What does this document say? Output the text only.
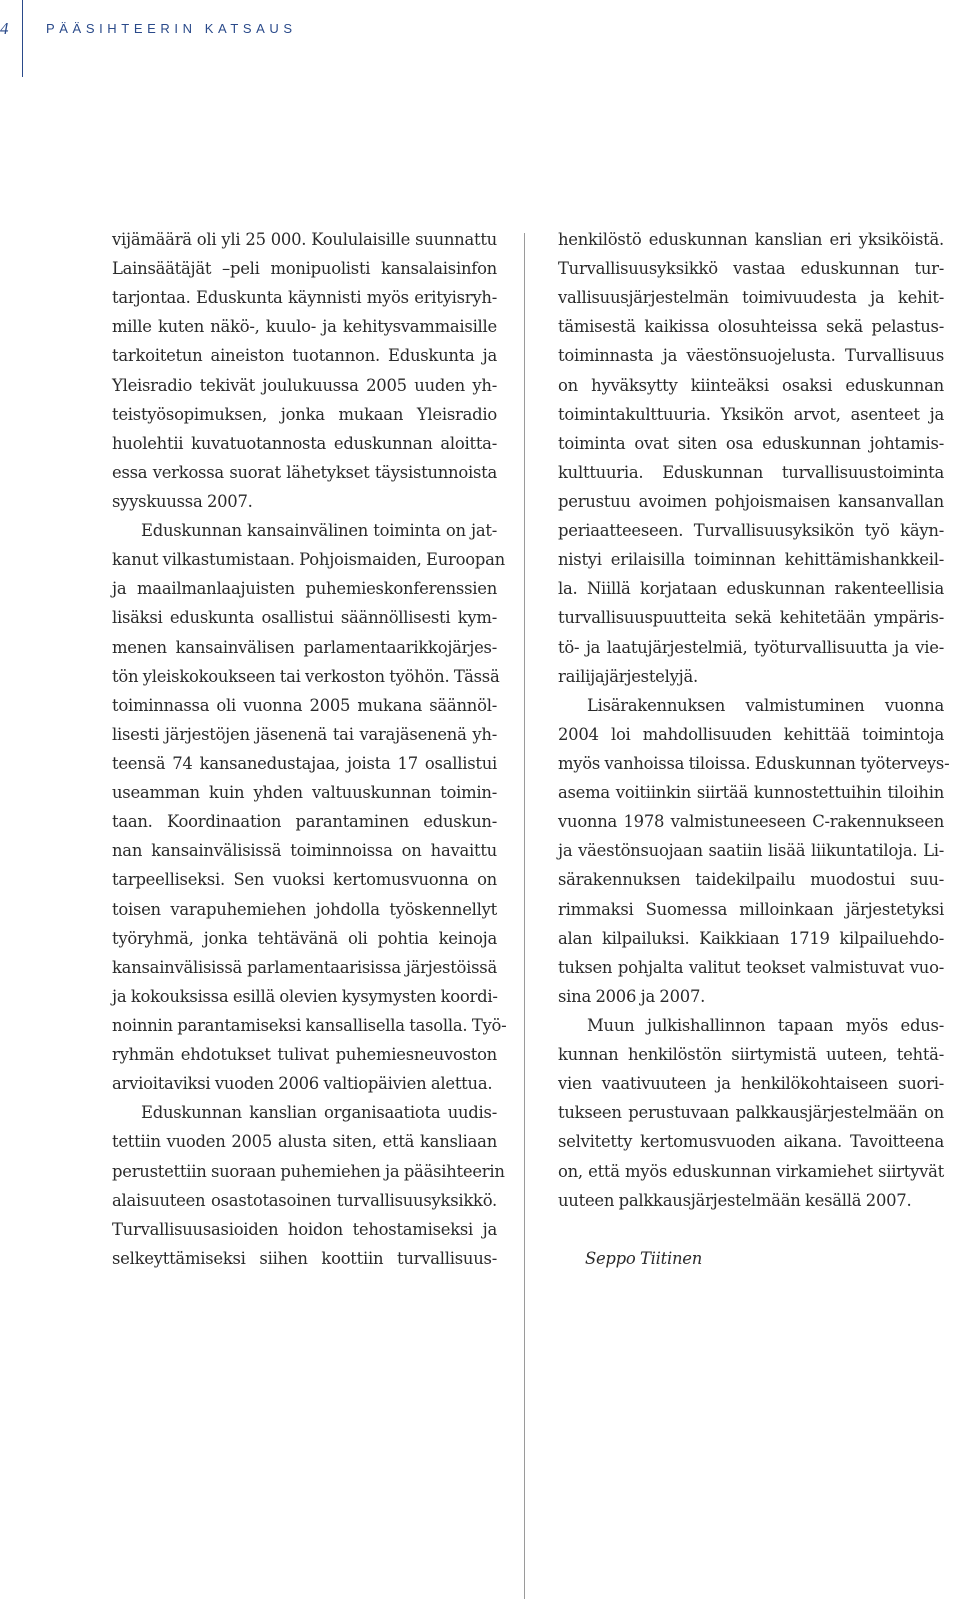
4	PÄÄSIHTEERIN KATSAUS
vijämäärä oli yli 25 000. Koululaisille suunnattu
Lainsäätäjät –peli monipuolisti kansalaisinfon
tarjontaa. Eduskunta käynnisti myös erityisryh-
mille kuten näkö-, kuulo- ja kehitysvammaisille
tarkoitetun aineiston tuotannon. Eduskunta ja
Yleisradio tekivät joulukuussa 2005 uuden yh-
teistyösopimuksen, jonka mukaan Yleisradio
huolehtii kuvatuotannosta eduskunnan aloitta-
essa verkossa suorat lähetykset täysistunnoista
syyskuussa 2007.
Eduskunnan kansainvälinen toiminta on jat-
kanut vilkastumistaan. Pohjoismaiden, Euroopan
ja maailmanlaajuisten puhemieskonferenssien
lisäksi eduskunta osallistui säännöllisesti kym-
menen kansainvälisen parlamentaarikkojärjes-
tön yleiskokoukseen tai verkoston työhön. Tässä
toiminnassa oli vuonna 2005 mukana säännöl-
lisesti järjestöjen jäsenenä tai varajäsenenä yh-
teensä 74 kansanedustajaa, joista 17 osallistui
useamman kuin yhden valtuuskunnan toimin-
taan. Koordinaation parantaminen eduskun-
nan kansainvälisissä toiminnoissa on havaittu
tarpeelliseksi. Sen vuoksi kertomusvuonna on
toisen varapuhemiehen johdolla työskennellyt
työryhmä, jonka tehtävänä oli pohtia keinoja
kansainvälisissä parlamentaarisissa järjestöissä
ja kokouksissa esillä olevien kysymysten koordi-
noinnin parantamiseksi kansallisella tasolla. Työ-
ryhmän ehdotukset tulivat puhemiesneuvoston
arvioitaviksi vuoden 2006 valtiopäivien alettua.
Eduskunnan kanslian organisaatiota uudis-
tettiin vuoden 2005 alusta siten, että kansliaan
perustettiin suoraan puhemiehen ja pääsihteerin
alaisuuteen osastotasoinen turvallisuusyksikkö.
Turvallisuusasioiden hoidon tehostamiseksi ja
selkeyttämiseksi siihen koottiin turvallisuus-
henkilöstö eduskunnan kanslian eri yksiköistä.
Turvallisuusyksikkö vastaa eduskunnan tur-
vallisuusjärjestelmän toimivuudesta ja kehit-
tämisestä kaikissa olosuhteissa sekä pelastus-
toiminnasta ja väestönsuojelusta. Turvallisuus
on hyväksytty kiinteäksi osaksi eduskunnan
toimintakulttuuria. Yksikön arvot, asenteet ja
toiminta ovat siten osa eduskunnan johtamis-
kulttuuria. Eduskunnan turvallisuustoiminta
perustuu avoimen pohjoismaisen kansanvallan
periaatteeseen. Turvallisuusyksikön työ käyn-
nistyi erilaisilla toiminnan kehittämishankkeil-
la. Niillä korjataan eduskunnan rakenteellisia
turvallisuuspuutteita sekä kehitetään ympäris-
tö- ja laatujärjestelmiä, työturvallisuutta ja vie-
railijajärjestelyjä.
Lisärakennuksen valmistuminen vuonna
2004 loi mahdollisuuden kehittää toimintoja
myös vanhoissa tiloissa. Eduskunnan työterveys-
asema voitiinkin siirtää kunnostettuihin tiloihin
vuonna 1978 valmistuneeseen C-rakennukseen
ja väestönsuojaan saatiin lisää liikuntatiloja. Li-
särakennuksen taidekilpailu muodostui suu-
rimmaksi Suomessa milloinkaan järjestetyksi
alan kilpailuksi. Kaikkiaan 1719 kilpailuehdo-
tuksen pohjalta valitut teokset valmistuvat vuo-
sina 2006 ja 2007.
Muun julkishallinnon tapaan myös edus-
kunnan henkilöstön siirtymistä uuteen, tehtä-
vien vaativuuteen ja henkilökohtaiseen suori-
tukseen perustuvaan palkkausjärjestelmään on
selvitetty kertomusvuoden aikana. Tavoitteena
on, että myös eduskunnan virkamiehet siirtyvät
uuteen palkkausjärjestelmään kesällä 2007.
Seppo Tiitinen
